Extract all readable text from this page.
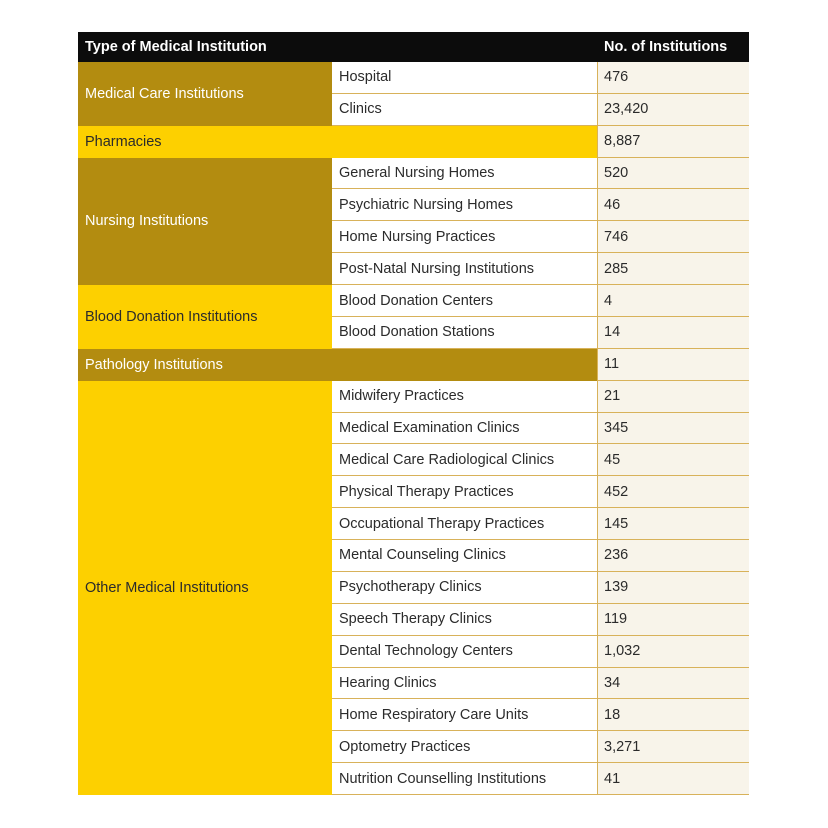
Type of Medical Institution	No. of Institutions
Medical Care Institutions
Hospital	476
Clinics	23,420
Pharmacies	8,887
Nursing Institutions
General Nursing Homes	520
Psychiatric Nursing Homes	46
Home Nursing Practices	746
Post-Natal Nursing Institutions	285
Blood Donation Institutions
Blood Donation Centers	4
Blood Donation Stations	14
Pathology Institutions	11
Other Medical Institutions
Midwifery Practices	21
Medical Examination Clinics	345
Medical Care Radiological Clinics	45
Physical Therapy Practices	452
Occupational Therapy Practices	145
Mental Counseling Clinics	236
Psychotherapy Clinics	139
Speech Therapy Clinics	119
Dental Technology Centers	1,032
Hearing Clinics	34
Home Respiratory Care Units	18
Optometry Practices	3,271
Nutrition Counselling Institutions	41
